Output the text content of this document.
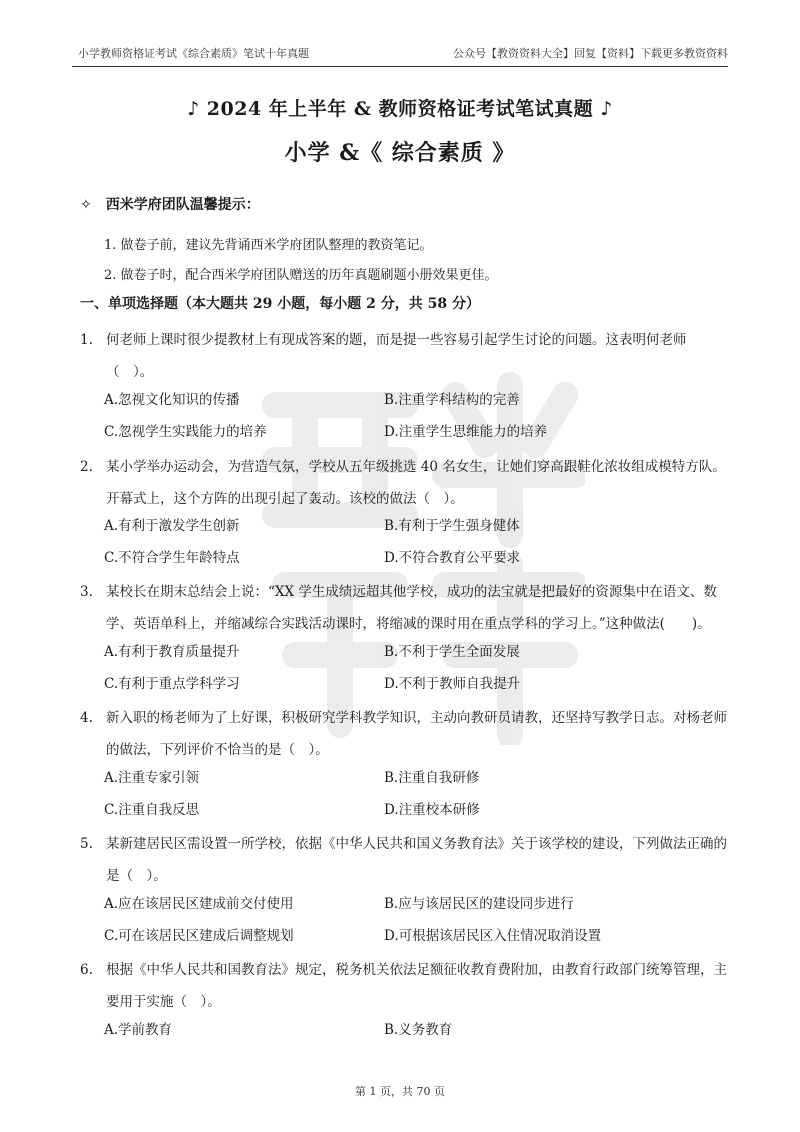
小学教师资格证考试《综合素质》笔试十年真题	公众号【教资资料大全】回复【资料】下载更多教资资料
♪ 2024 年上半年 & 教师资格证考试笔试真题 ♪
小学 &《 综合素质 》
✧ 西米学府团队温馨提示：
1. 做卷子前，建议先背诵西米学府团队整理的教资笔记。
2. 做卷子时，配合西米学府团队赠送的历年真题刷题小册效果更佳。
一、单项选择题（本大题共 29 小题，每小题 2 分，共 58 分）
1. 何老师上课时很少提教材上有现成答案的题，而是提一些容易引起学生讨论的问题。这表明何老师（　）。
A.忽视文化知识的传播	B.注重学科结构的完善
C.忽视学生实践能力的培养	D.注重学生思维能力的培养
2. 某小学举办运动会，为营造气氛，学校从五年级挑选 40 名女生，让她们穿高跟鞋化浓妆组成模特方队。开幕式上，这个方阵的出现引起了轰动。该校的做法（　）。
A.有利于激发学生创新	B.有利于学生强身健体
C.不符合学生年龄特点	D.不符合教育公平要求
3. 某校长在期末总结会上说：“XX 学生成绩远超其他学校，成功的法宝就是把最好的资源集中在语文、数学、英语单科上，并缩减综合实践活动课时，将缩减的课时用在重点学科的学习上。”这种做法(　　)。
A.有利于教育质量提升	B.不利于学生全面发展
C.有利于重点学科学习	D.不利于教师自我提升
4. 新入职的杨老师为了上好课，积极研究学科教学知识，主动向教研员请教，还坚持写教学日志。对杨老师的做法，下列评价不恰当的是（　）。
A.注重专家引领	B.注重自我研修
C.注重自我反思	D.注重校本研修
5. 某新建居民区需设置一所学校，依据《中华人民共和国义务教育法》关于该学校的建设，下列做法正确的是（　）。
A.应在该居民区建成前交付使用	B.应与该居民区的建设同步进行
C.可在该居民区建成后调整规划	D.可根据该居民区入住情况取消设置
6. 根据《中华人民共和国教育法》规定，税务机关依法足额征收教育费附加，由教育行政部门统筹管理，主要用于实施（　）。
A.学前教育	B.义务教育
第 1 页，共 70 页
